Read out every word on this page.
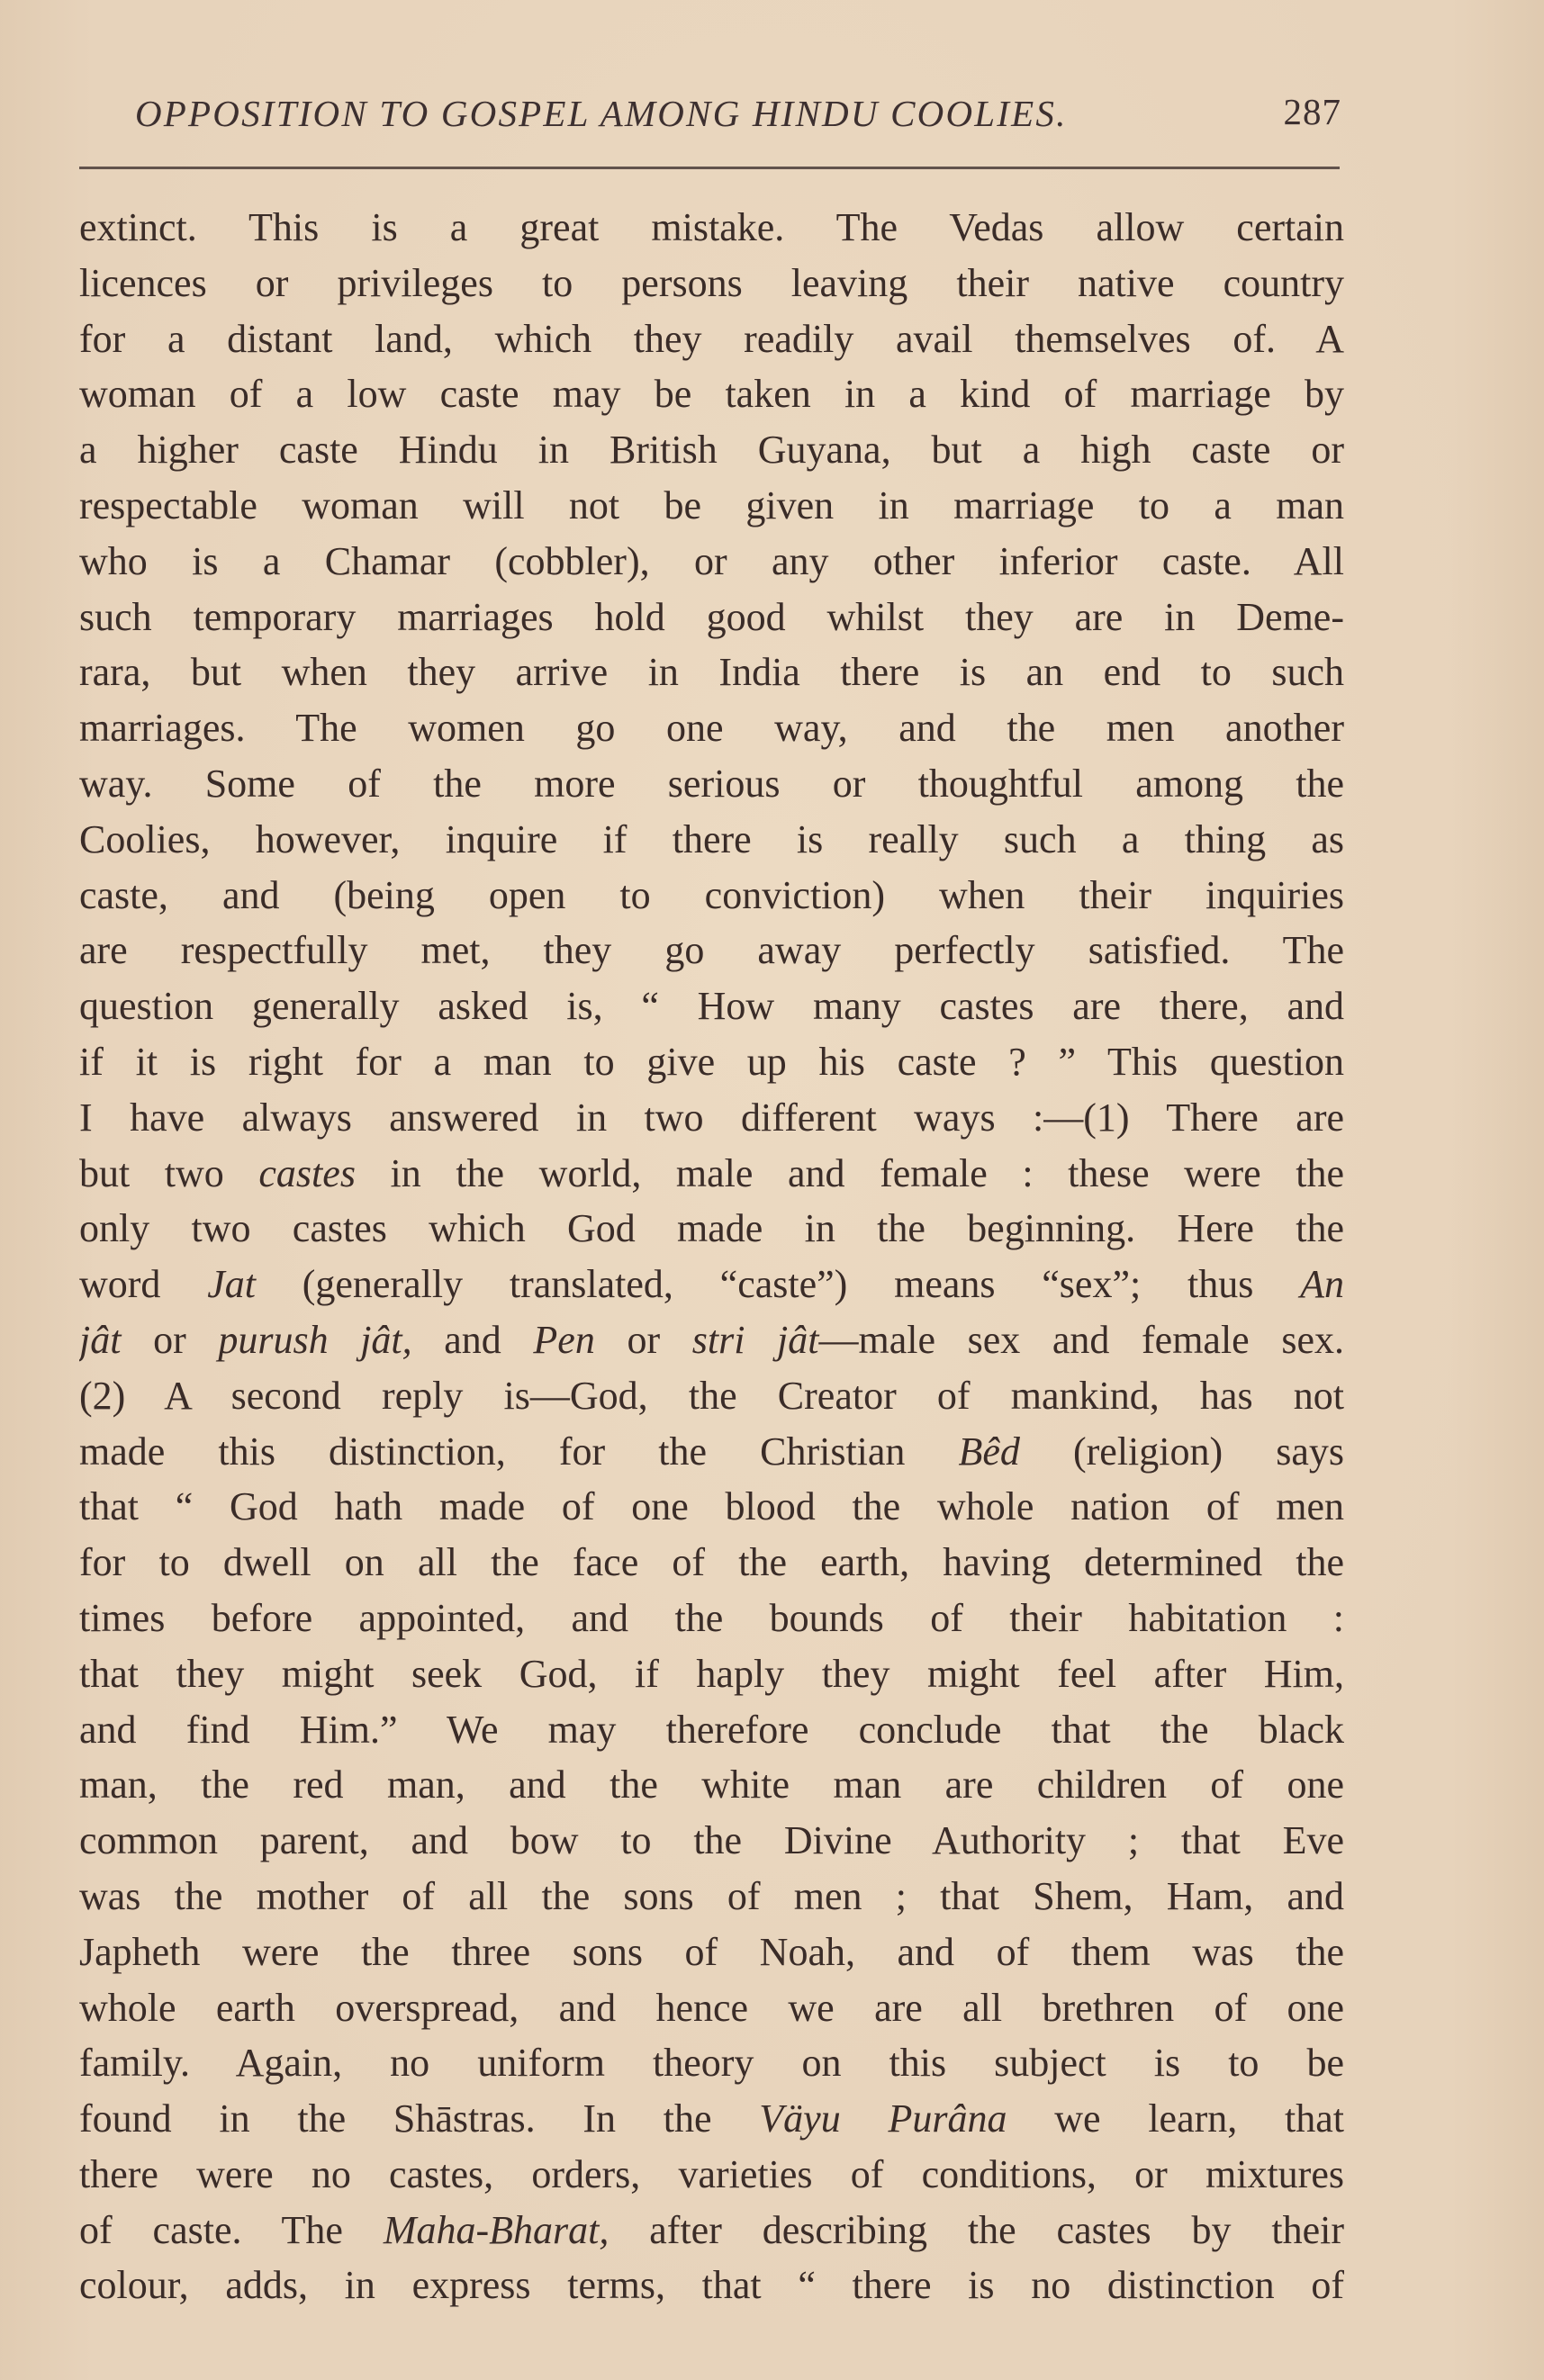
OPPOSITION TO GOSPEL AMONG HINDU COOLIES.	287
extinct. This is a great mistake. The Vedas allow certain
licences or privileges to persons leaving their native country
for a distant land, which they readily avail themselves of. A
woman of a low caste may be taken in a kind of marriage by
a higher caste Hindu in British Guyana, but a high caste or
respectable woman will not be given in marriage to a man
who is a Chamar (cobbler), or any other inferior caste. All
such temporary marriages hold good whilst they are in Deme-
rara, but when they arrive in India there is an end to such
marriages. The women go one way, and the men another
way. Some of the more serious or thoughtful among the
Coolies, however, inquire if there is really such a thing as
caste, and (being open to conviction) when their inquiries
are respectfully met, they go away perfectly satisfied. The
question generally asked is, “ How many castes are there, and
if it is right for a man to give up his caste ? ” This question
I have always answered in two different ways :—(1) There are
but two castes in the world, male and female : these were the
only two castes which God made in the beginning. Here the
word Jat (generally translated, “caste”) means “sex”; thus An
jât or purush jât, and Pen or stri jât—male sex and female sex.
(2) A second reply is—God, the Creator of mankind, has not
made this distinction, for the Christian Bêd (religion) says
that “ God hath made of one blood the whole nation of men
for to dwell on all the face of the earth, having determined the
times before appointed, and the bounds of their habitation :
that they might seek God, if haply they might feel after Him,
and find Him.” We may therefore conclude that the black
man, the red man, and the white man are children of one
common parent, and bow to the Divine Authority ; that Eve
was the mother of all the sons of men ; that Shem, Ham, and
Japheth were the three sons of Noah, and of them was the
whole earth overspread, and hence we are all brethren of one
family. Again, no uniform theory on this subject is to be
found in the Shāstras. In the Väyu Purâna we learn, that
there were no castes, orders, varieties of conditions, or mixtures
of caste. The Maha-Bharat, after describing the castes by their
colour, adds, in express terms, that “ there is no distinction of
